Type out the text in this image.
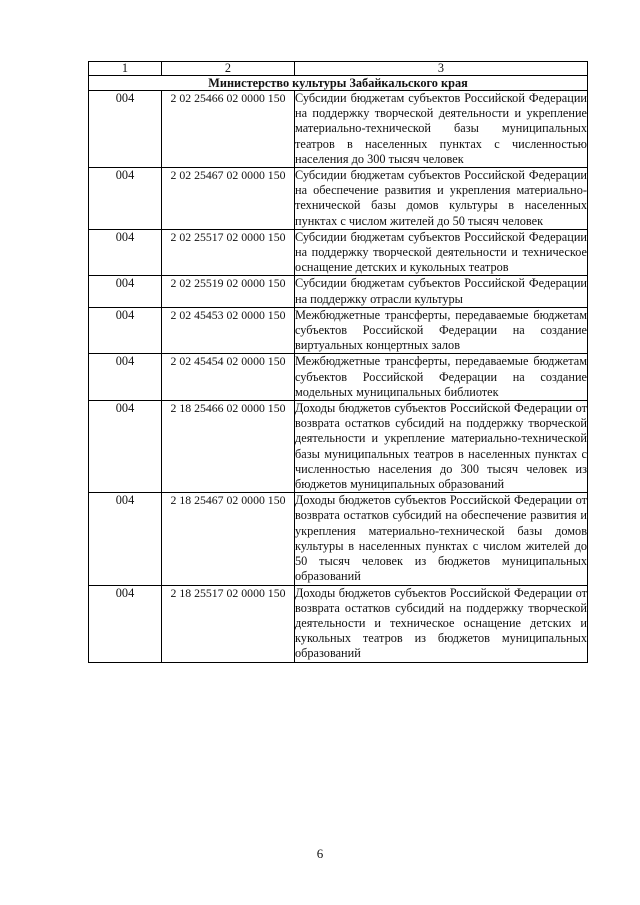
1	2	3
Министерство культуры Забайкальского края		
004	2 02 25466 02 0000 150	Субсидии бюджетам субъектов Российской Федерации на поддержку творческой деятельности и укрепление материально-технической базы муниципальных театров в населенных пунктах с численностью населения до 300 тысяч человек
004	2 02 25467 02 0000 150	Субсидии бюджетам субъектов Российской Федерации на обеспечение развития и укрепления материально-технической базы домов культуры в населенных пунктах с числом жителей до 50 тысяч человек
004	2 02 25517 02 0000 150	Субсидии бюджетам субъектов Российской Федерации на поддержку творческой деятельности и техническое оснащение детских и кукольных театров
004	2 02 25519 02 0000 150	Субсидии бюджетам субъектов Российской Федерации на поддержку отрасли культуры
004	2 02 45453 02 0000 150	Межбюджетные трансферты, передаваемые бюджетам субъектов Российской Федерации на создание виртуальных концертных залов
004	2 02 45454 02 0000 150	Межбюджетные трансферты, передаваемые бюджетам субъектов Российской Федерации на создание модельных муниципальных библиотек
004	2 18 25466 02 0000 150	Доходы бюджетов субъектов Российской Федерации от возврата остатков субсидий на поддержку творческой деятельности и укрепление материально-технической базы муниципальных театров в населенных пунктах с численностью населения до 300 тысяч человек из бюджетов муниципальных образований
004	2 18 25467 02 0000 150	Доходы бюджетов субъектов Российской Федерации от возврата остатков субсидий на обеспечение развития и укрепления материально-технической базы домов культуры в населенных пунктах с числом жителей до 50 тысяч человек из бюджетов муниципальных образований
004	2 18 25517 02 0000 150	Доходы бюджетов субъектов Российской Федерации от возврата остатков субсидий на поддержку творческой деятельности и техническое оснащение детских и кукольных театров из бюджетов муниципальных образований
6
